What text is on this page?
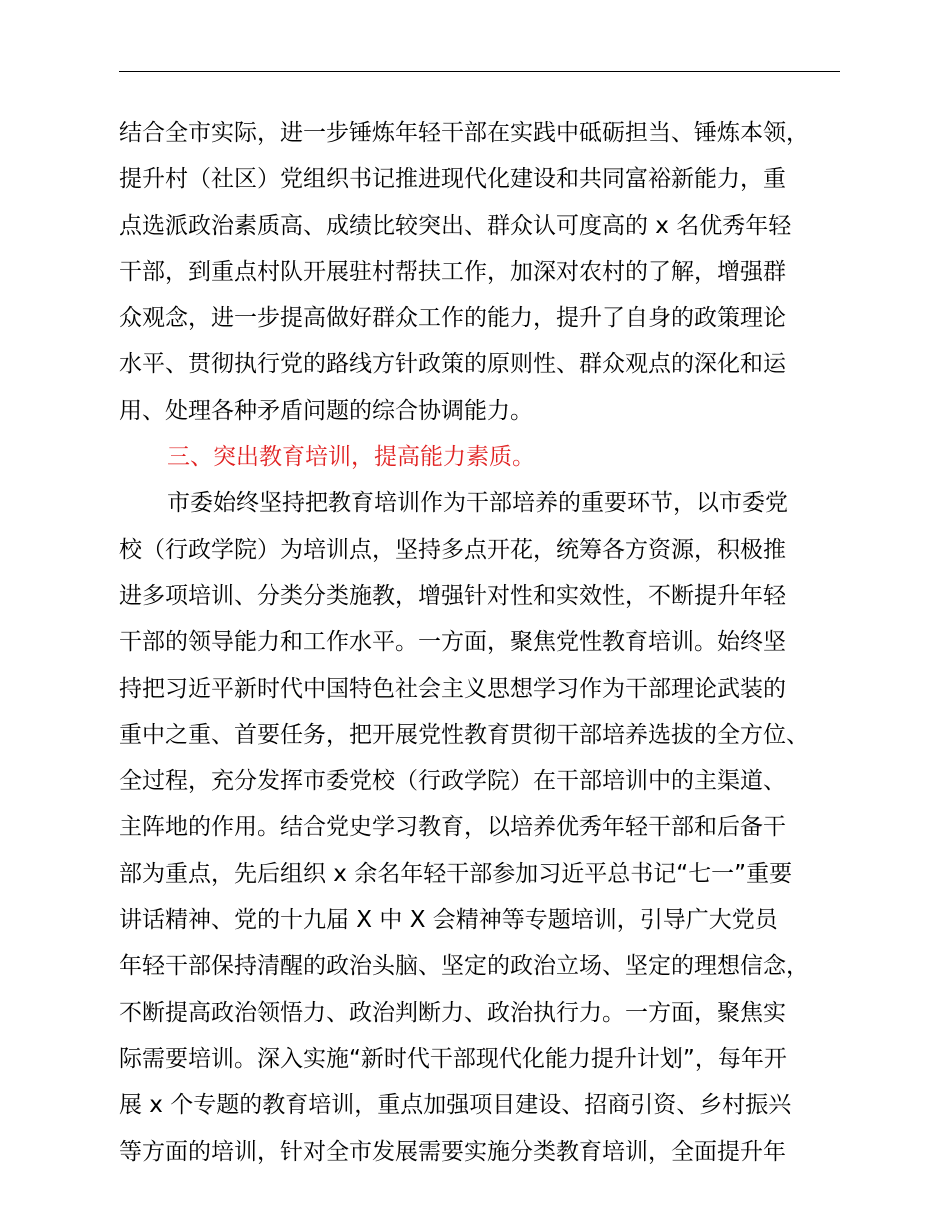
结合全市实际，进一步锤炼年轻干部在实践中砥砺担当、锤炼本领，
提升村（社区）党组织书记推进现代化建设和共同富裕新能力，重
点选派政治素质高、成绩比较突出、群众认可度高的 x 名优秀年轻
干部，到重点村队开展驻村帮扶工作，加深对农村的了解，增强群
众观念，进一步提高做好群众工作的能力，提升了自身的政策理论
水平、贯彻执行党的路线方针政策的原则性、群众观点的深化和运
用、处理各种矛盾问题的综合协调能力。

三、突出教育培训，提高能力素质。

市委始终坚持把教育培训作为干部培养的重要环节，以市委党
校（行政学院）为培训点，坚持多点开花，统筹各方资源，积极推
进多项培训、分类分类施教，增强针对性和实效性，不断提升年轻
干部的领导能力和工作水平。一方面，聚焦党性教育培训。始终坚
持把习近平新时代中国特色社会主义思想学习作为干部理论武装的
重中之重、首要任务，把开展党性教育贯彻干部培养选拔的全方位、
全过程，充分发挥市委党校（行政学院）在干部培训中的主渠道、
主阵地的作用。结合党史学习教育，以培养优秀年轻干部和后备干
部为重点，先后组织 x 余名年轻干部参加习近平总书记“七一”重要
讲话精神、党的十九届 X 中 X 会精神等专题培训，引导广大党员
年轻干部保持清醒的政治头脑、坚定的政治立场、坚定的理想信念，
不断提高政治领悟力、政治判断力、政治执行力。一方面，聚焦实
际需要培训。深入实施“新时代干部现代化能力提升计划”，每年开
展 x 个专题的教育培训，重点加强项目建设、招商引资、乡村振兴
等方面的培训，针对全市发展需要实施分类教育培训，全面提升年
